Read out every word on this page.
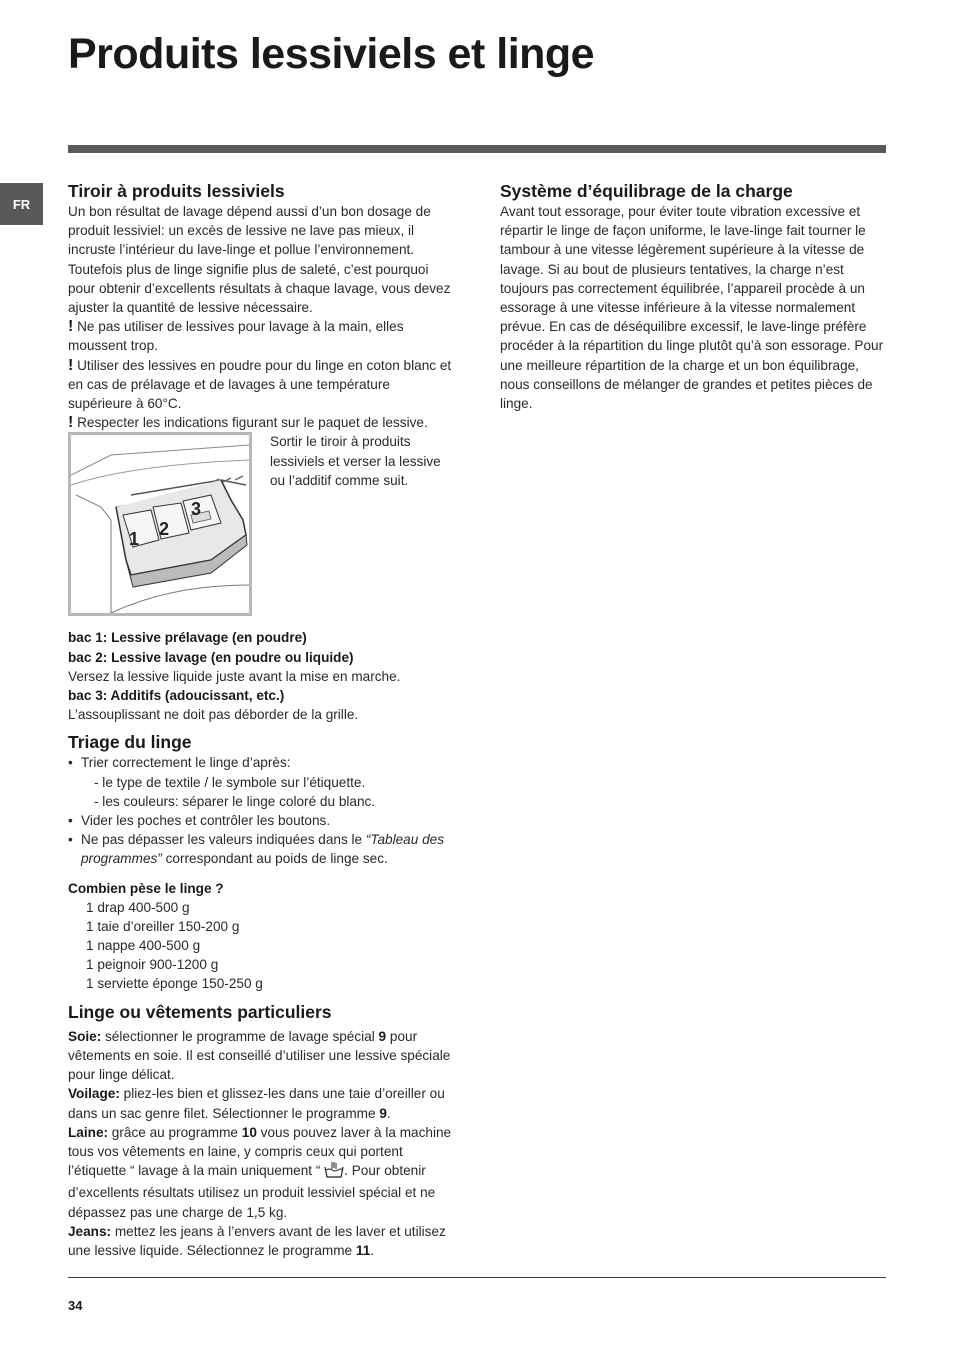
Produits lessiviels et linge
FR
Tiroir à produits lessiviels

Un bon résultat de lavage dépend aussi d’un bon dosage de produit lessiviel: un excès de lessive ne lave pas mieux, il incruste l’intérieur du lave-linge et pollue l’environnement. Toutefois plus de linge signifie plus de saleté, c’est pourquoi pour obtenir d’excellents résultats à chaque lavage, vous devez ajuster la quantité de lessive nécessaire.

! Ne pas utiliser de lessives pour lavage à la main, elles moussent trop.

! Utiliser des lessives en poudre pour du linge en coton blanc et en cas de prélavage et de lavages à une température supérieure à 60°C.

! Respecter les indications figurant sur le paquet de lessive.

1 2
3

Sortir le tiroir à produits lessiviels et verser la lessive ou l’additif comme suit.

bac 1: Lessive prélavage (en poudre)

bac 2: Lessive lavage (en poudre ou liquide)

Versez la lessive liquide juste avant la mise en marche.

bac 3: Additifs (adoucissant, etc.)

L’assouplissant ne doit pas déborder de la grille.

Triage du linge
• Trier correctement le linge d’après:
- le type de textile / le symbole sur l’étiquette.
- les couleurs: séparer le linge coloré du blanc.
• Vider les poches et contrôler les boutons.
• Ne pas dépasser les valeurs indiquées dans le “Tableau des programmes” correspondant au poids de linge sec.
Combien pèse le linge ?

1 drap 400-500 g

1 taie d’oreiller 150-200 g

1 nappe 400-500 g

1 peignoir 900-1200 g

1 serviette éponge 150-250 g

Linge ou vêtements particuliers

Soie: sélectionner le programme de lavage spécial 9 pour vêtements en soie. Il est conseillé d’utiliser une lessive spéciale pour linge délicat.

Voilage: pliez-les bien et glissez-les dans une taie d’oreiller ou dans un sac genre filet. Sélectionner le programme 9.

Laine: grâce au programme 10 vous pouvez laver à la machine tous vos vêtements en laine, y compris ceux qui portent l’étiquette “ lavage à la main uniquement “ . Pour obtenir d’excellents résultats utilisez un produit lessiviel spécial et ne dépassez pas une charge de 1,5 kg.

Jeans: mettez les jeans à l’envers avant de les laver et utilisez une lessive liquide. Sélectionnez le programme 11.

Système d’équilibrage de la charge

Avant tout essorage, pour éviter toute vibration excessive et répartir le linge de façon uniforme, le lave-linge fait tourner le tambour à une vitesse légèrement supérieure à la vitesse de lavage. Si au bout de plusieurs tentatives, la charge n’est toujours pas correctement équilibrée, l’appareil procède à un essorage à une vitesse inférieure à la vitesse normalement prévue. En cas de déséquilibre excessif, le lave-linge préfère procéder à la répartition du linge plutôt qu’à son essorage. Pour une meilleure répartition de la charge et un bon équilibrage, nous conseillons de mélanger de grandes et petites pièces de linge.

34
